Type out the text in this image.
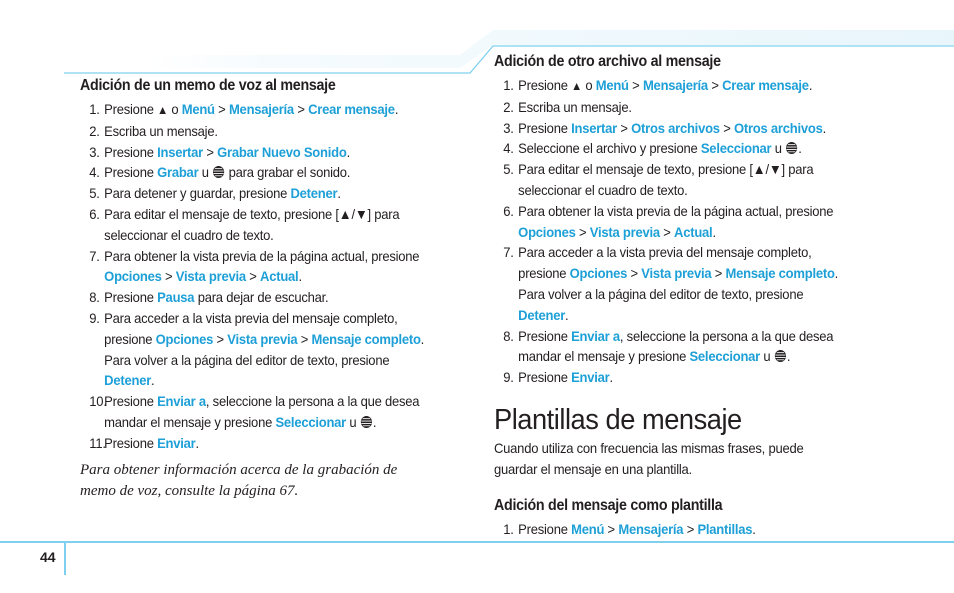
Adición de un memo de voz al mensaje
1. Presione ▲ o Menú > Mensajería > Crear mensaje.
2. Escriba un mensaje.
3. Presione Insertar > Grabar Nuevo Sonido.
4. Presione Grabar u  para grabar el sonido.
5. Para detener y guardar, presione Detener.
6. Para editar el mensaje de texto, presione [▲/▼] para
seleccionar el cuadro de texto.
7. Para obtener la vista previa de la página actual, presione
Opciones > Vista previa > Actual.
8. Presione Pausa para dejar de escuchar.
9. Para acceder a la vista previa del mensaje completo,
presione Opciones > Vista previa > Mensaje completo.
Para volver a la página del editor de texto, presione
Detener.
10.
Presione Enviar a, seleccione la persona a la que desea
mandar el mensaje y presione Seleccionar u .
11.
Presione Enviar.
Para obtener información acerca de la grabación de
memo de voz, consulte la página 67.
Adición de otro archivo al mensaje
1. Presione ▲ o Menú > Mensajería > Crear mensaje.
2. Escriba un mensaje.
3. Presione Insertar > Otros archivos > Otros archivos.
4. Seleccione el archivo y presione Seleccionar u .
5. Para editar el mensaje de texto, presione [▲/▼] para
seleccionar el cuadro de texto.
6. Para obtener la vista previa de la página actual, presione
Opciones > Vista previa > Actual.
7. Para acceder a la vista previa del mensaje completo,
presione Opciones > Vista previa > Mensaje completo.
Para volver a la página del editor de texto, presione
Detener.
8. Presione Enviar a, seleccione la persona a la que desea
mandar el mensaje y presione Seleccionar u .
9. Presione Enviar.
Plantillas de mensaje
Cuando utiliza con frecuencia las mismas frases, puede
guardar el mensaje en una plantilla.
Adición del mensaje como plantilla
1. Presione Menú > Mensajería > Plantillas.
44
